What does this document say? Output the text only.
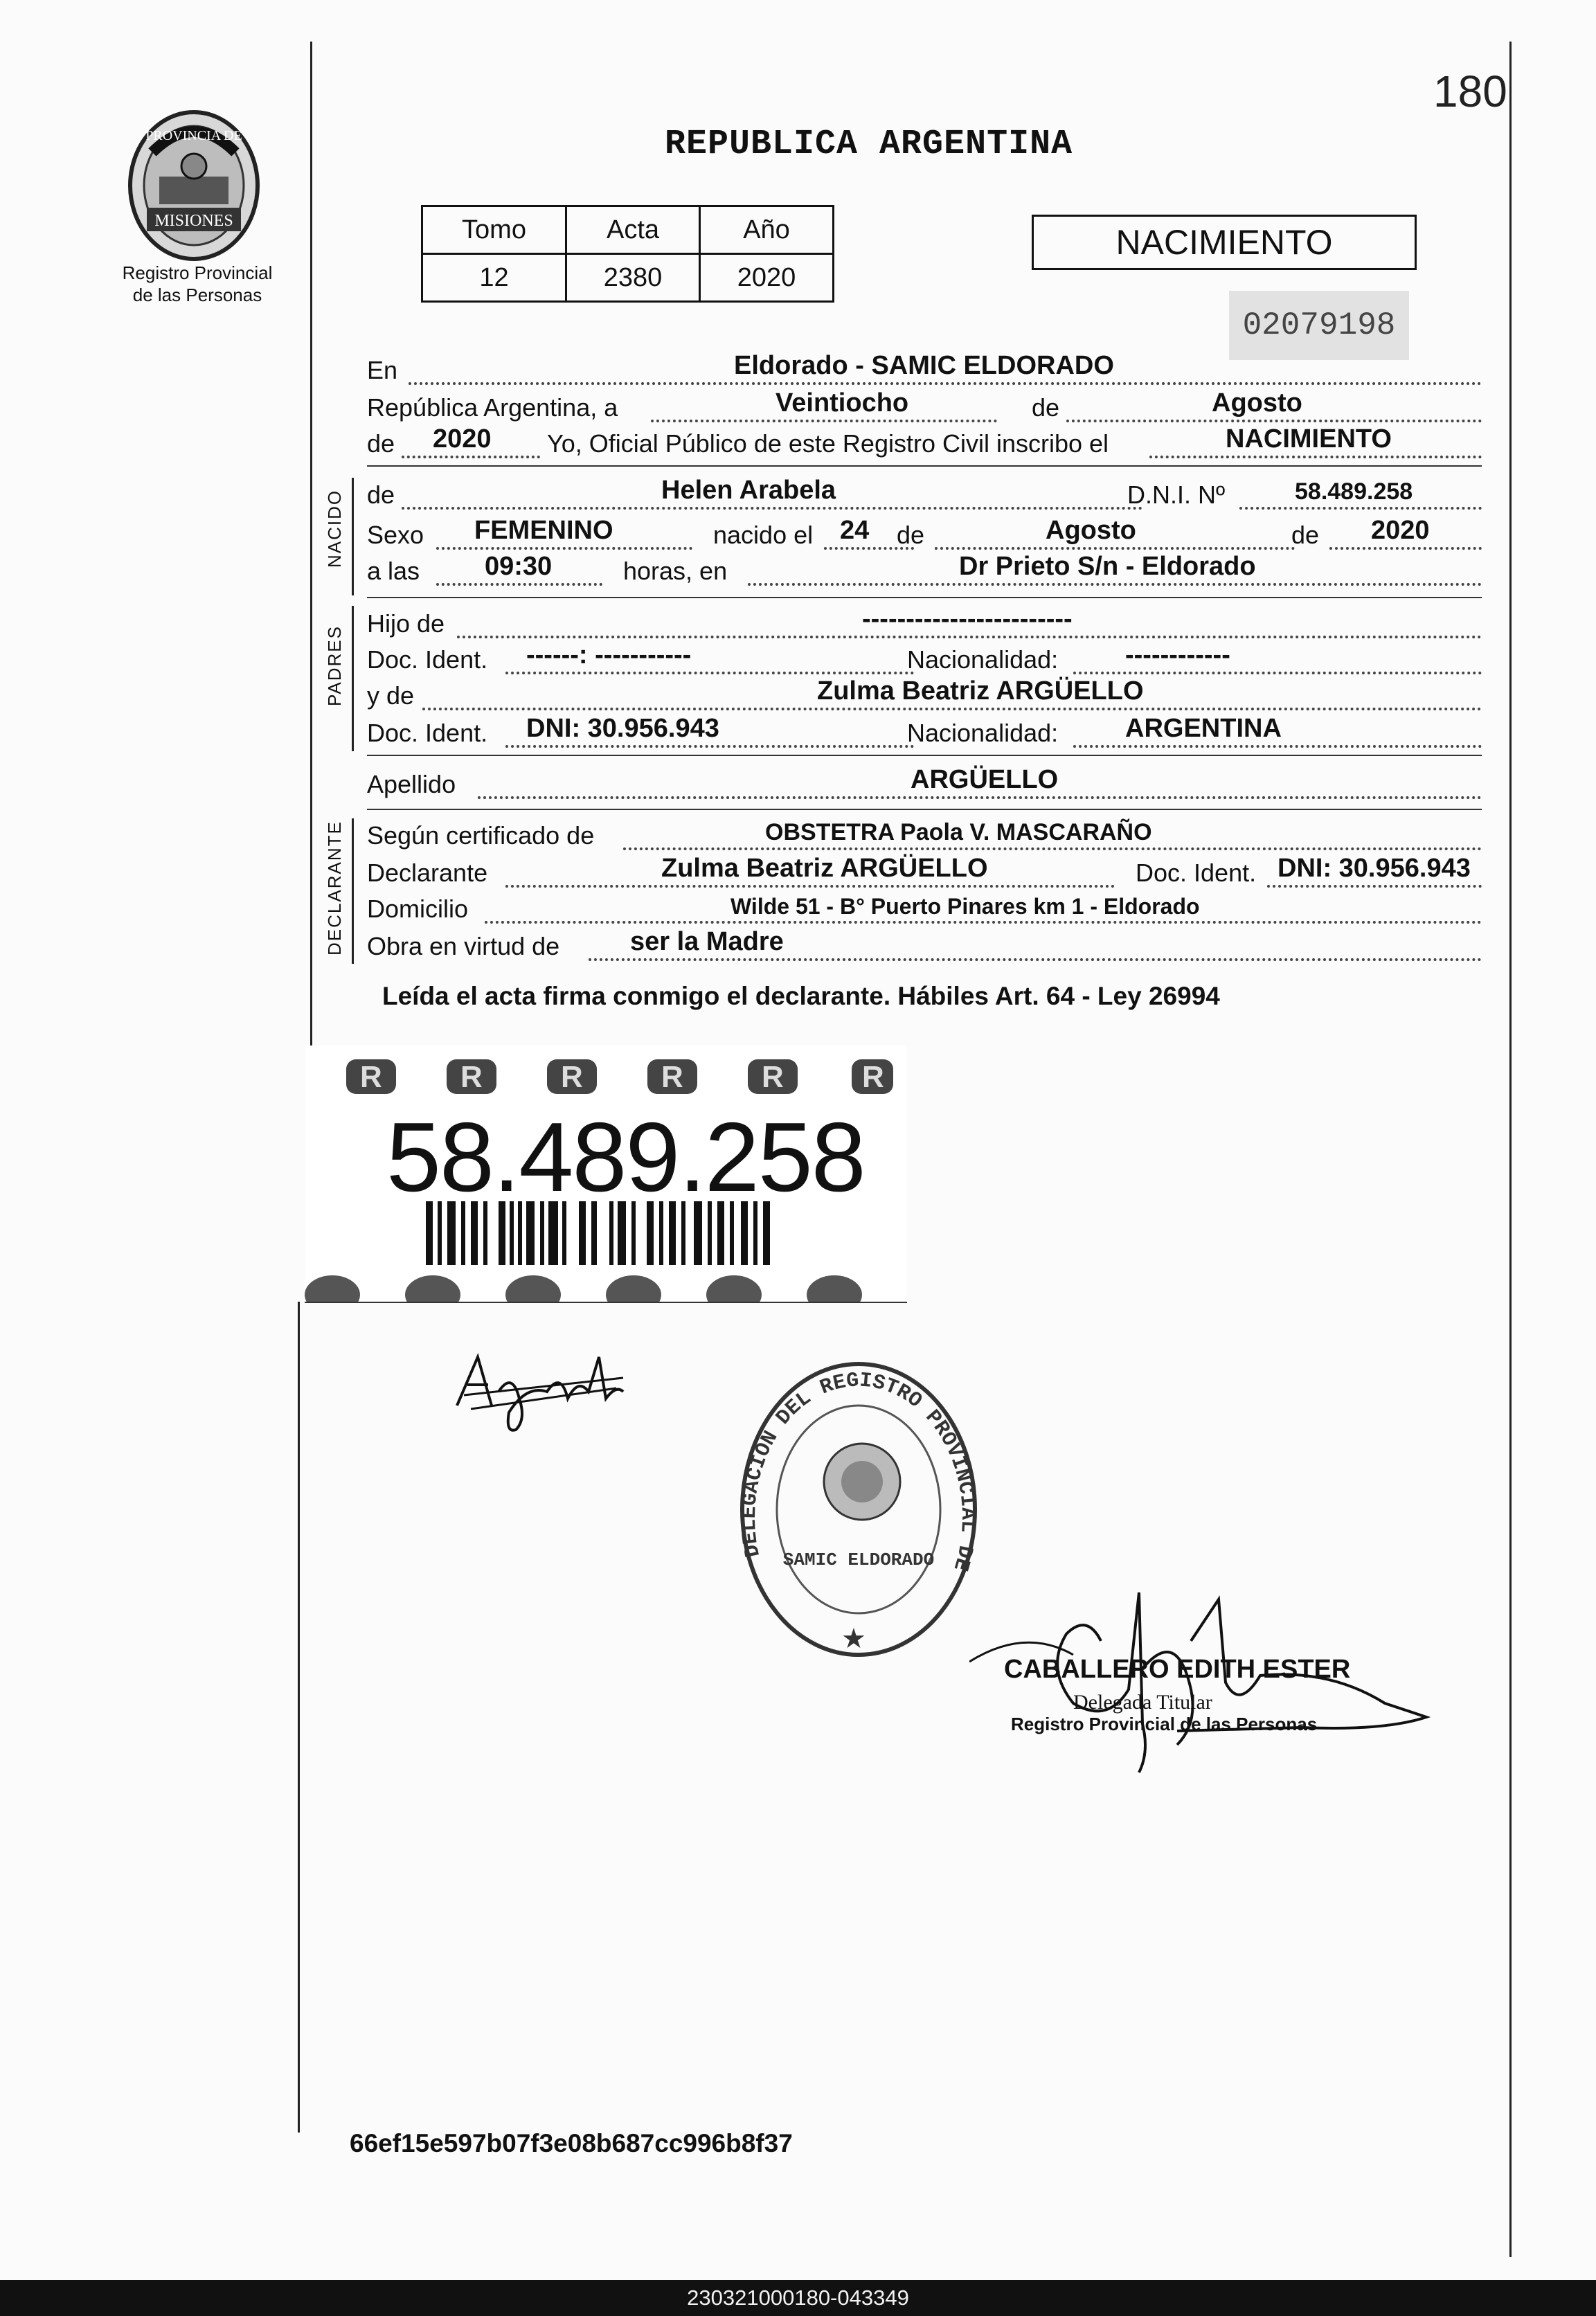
180
REPUBLICA ARGENTINA
PROVINCIA DE
MISIONES
Registro Provincial
de las Personas
Tomo	Acta	Año
12	2380	2020
NACIMIENTO
02079198
En	Eldorado - SAMIC ELDORADO
República Argentina, a	Veintiocho	de	Agosto
de 2020 Yo, Oficial Público de este Registro Civil inscribo el	NACIMIENTO
NACIDO de	Helen Arabela	D.N.I. Nº	58.489.258
Sexo FEMENINO	nacido el 24 de	Agosto	de 2020
a las 09:30	horas, en	Dr Prieto S/n - Eldorado
PADRES
Hijo de	------------------------
Doc. Ident. ------: -----------	Nacionalidad:	------------
y de	Zulma Beatriz ARGÜELLO
Doc. Ident. DNI: 30.956.943	Nacionalidad:	ARGENTINA
Apellido	ARGÜELLO
DECLARANTE Según certificado de	OBSTETRA Paola V. MASCARAÑO
Declarante	Zulma Beatriz ARGÜELLO	Doc. Ident. DNI: 30.956.943
Domicilio	Wilde 51 - B° Puerto Pinares km 1 - Eldorado
Obra en virtud de	ser la Madre
Leída el acta firma conmigo el declarante. Hábiles Art. 64 - Ley 26994
R	R	R	R	R	R
58.489.258
DELEGACION DEL REGISTRO PROVINCIAL DE
SAMIC ELDORADO
★
CABALLERO EDITH ESTER
Delegada Titular
Registro Provincial de las Personas
66ef15e597b07f3e08b687cc996b8f37
230321000180-043349
